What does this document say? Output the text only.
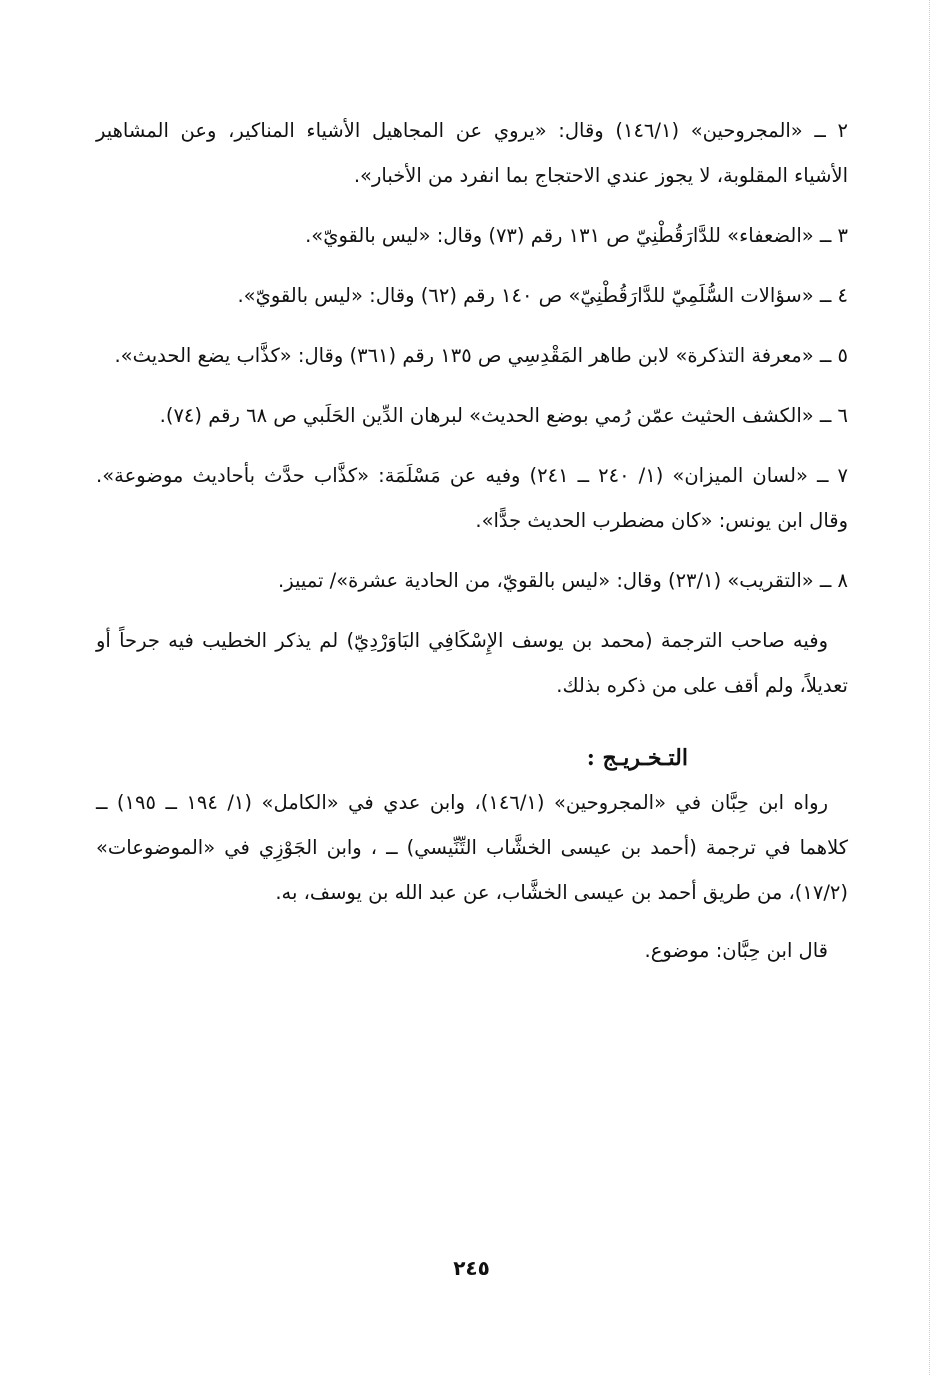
٢ ــ «المجروحين» (١٤٦/١) وقال: «يروي عن المجاهيل الأشياء المناكير، وعن المشاهير الأشياء المقلوبة، لا يجوز عندي الاحتجاج بما انفرد من الأخبار».

٣ ــ «الضعفاء» للدَّارَقُطْنِيّ ص ١٣١ رقم (٧٣) وقال: «ليس بالقويّ».

٤ ــ «سؤالات السُّلَمِيّ للدَّارَقُطْنِيّ» ص ١٤٠ رقم (٦٢) وقال: «ليس بالقويّ».

٥ ــ «معرفة التذكرة» لابن طاهر المَقْدِسِي ص ١٣٥ رقم (٣٦١) وقال: «كذَّاب يضع الحديث».

٦ ــ «الكشف الحثيث عمّن رُمي بوضع الحديث» لبرهان الدِّين الحَلَبي ص ٦٨ رقم (٧٤).

٧ ــ «لسان الميزان» (١/ ٢٤٠ ــ ٢٤١) وفيه عن مَسْلَمَة: «كذَّاب حدَّث بأحاديث موضوعة». وقال ابن يونس: «كان مضطرب الحديث جدًّا».

٨ ــ «التقريب» (٢٣/١) وقال: «ليس بالقويّ، من الحادية عشرة»/ تمييز.

وفيه صاحب الترجمة (محمد بن يوسف الإِسْكَافِي البَاوَرْدِيّ) لم يذكر الخطيب فيه جرحاً أو تعديلاً، ولم أقف على من ذكره بذلك.

التـخـريـج :

رواه ابن حِبَّان في «المجروحين» (١٤٦/١)، وابن عدي في «الكامل» (١/ ١٩٤ ــ ١٩٥) ــ كلاهما في ترجمة (أحمد بن عيسى الخشَّاب التِّنِّيسي) ــ ، وابن الجَوْزِي في «الموضوعات» (١٧/٢)، من طريق أحمد بن عيسى الخشَّاب، عن عبد الله بن يوسف، به.

قال ابن حِبَّان: موضوع.

٢٤٥
